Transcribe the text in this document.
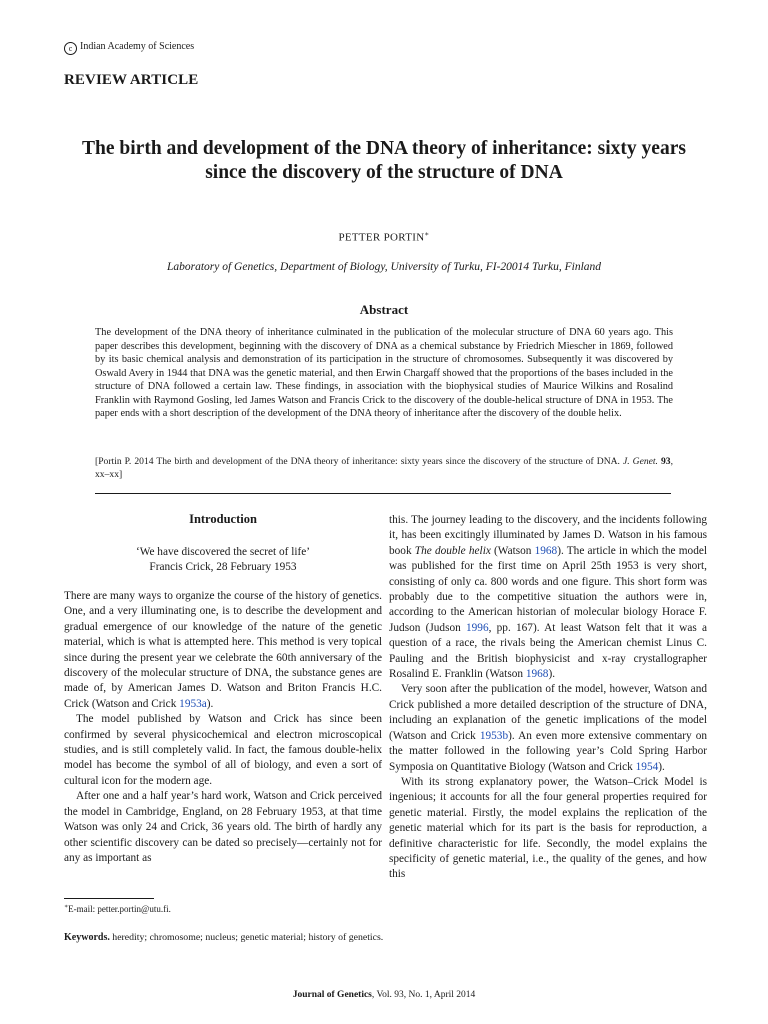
c Indian Academy of Sciences
REVIEW ARTICLE
The birth and development of the DNA theory of inheritance: sixty years
since the discovery of the structure of DNA
PETTER PORTIN∗
Laboratory of Genetics, Department of Biology, University of Turku, FI-20014 Turku, Finland
Abstract
The development of the DNA theory of inheritance culminated in the publication of the molecular structure of DNA 60 years ago. This paper describes this development, beginning with the discovery of DNA as a chemical substance by Friedrich Miescher in 1869, followed by its basic chemical analysis and demonstration of its participation in the structure of chromosomes. Subsequently it was discovered by Oswald Avery in 1944 that DNA was the genetic material, and then Erwin Chargaff showed that the proportions of the bases included in the structure of DNA followed a certain law. These findings, in association with the biophysical studies of Maurice Wilkins and Rosalind Franklin with Raymond Gosling, led James Watson and Francis Crick to the discovery of the double-helical structure of DNA in 1953. The paper ends with a short description of the development of the DNA theory of inheritance after the discovery of the double helix.
[Portin P. 2014 The birth and development of the DNA theory of inheritance: sixty years since the discovery of the structure of DNA. J. Genet. 93, xx–xx]
Introduction
‘We have discovered the secret of life’
Francis Crick, 28 February 1953

There are many ways to organize the course of the history of genetics. One, and a very illuminating one, is to describe the development and gradual emergence of our knowledge of the nature of the genetic material, which is what is attempted here. This method is very topical since during the present year we celebrate the 60th anniversary of the discovery of the molecular structure of DNA, the substance genes are made of, by American James D. Watson and Briton Francis H.C. Crick (Watson and Crick 1953a).

The model published by Watson and Crick has since been confirmed by several physicochemical and electron microscopical studies, and is still completely valid. In fact, the famous double-helix model has become the symbol of all of biology, and even a sort of cultural icon for the modern age.

After one and a half year’s hard work, Watson and Crick perceived the model in Cambridge, England, on 28 February 1953, at that time Watson was only 24 and Crick, 36 years old. The birth of hardly any other scientific discovery can be dated so precisely—certainly not for any as important as

this. The journey leading to the discovery, and the incidents following it, has been excitingly illuminated by James D. Watson in his famous book The double helix (Watson 1968). The article in which the model was published for the first time on April 25th 1953 is very short, consisting of only ca. 800 words and one figure. This short form was probably due to the competitive situation the authors were in, according to the American historian of molecular biology Horace F. Judson (Judson 1996, pp. 167). At least Watson felt that it was a question of a race, the rivals being the American chemist Linus C. Pauling and the British biophysicist and x-ray crystallographer Rosalind E. Franklin (Watson 1968).

Very soon after the publication of the model, however, Watson and Crick published a more detailed description of the structure of DNA, including an explanation of the genetic implications of the model (Watson and Crick 1953b). An even more extensive commentary on the matter followed in the following year’s Cold Spring Harbor Symposia on Quantitative Biology (Watson and Crick 1954).

With its strong explanatory power, the Watson–Crick Model is ingenious; it accounts for all the four general properties required for genetic material. Firstly, the model explains the replication of the genetic material which for its part is the basis for reproduction, a definitive characteristic for life. Secondly, the model explains the specificity of genetic material, i.e., the quality of the genes, and how this

∗E-mail: petter.portin@utu.fi.
Keywords. heredity; chromosome; nucleus; genetic material; history of genetics.
Journal of Genetics, Vol. 93, No. 1, April 2014
